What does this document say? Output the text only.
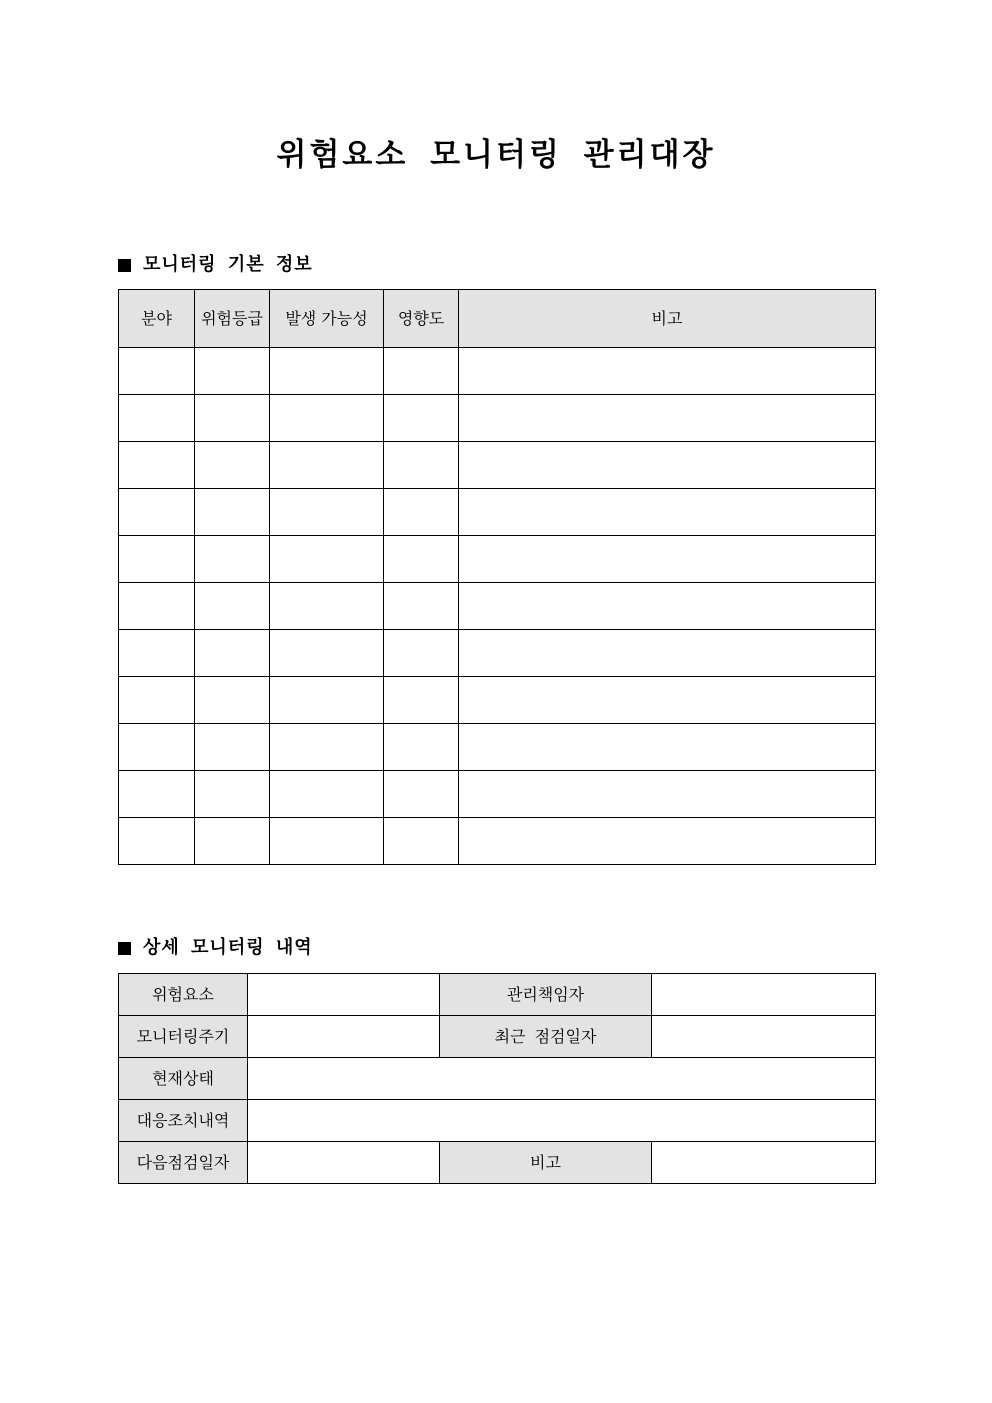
위험요소 모니터링 관리대장
모니터링 기본 정보
분야	위험등급	발생 가능성	영향도	비고

상세 모니터링 내역
위험요소		관리책임자	
모니터링주기		최근 점검일자	
현재상태			
대응조치내역			
다음점검일자		비고	
